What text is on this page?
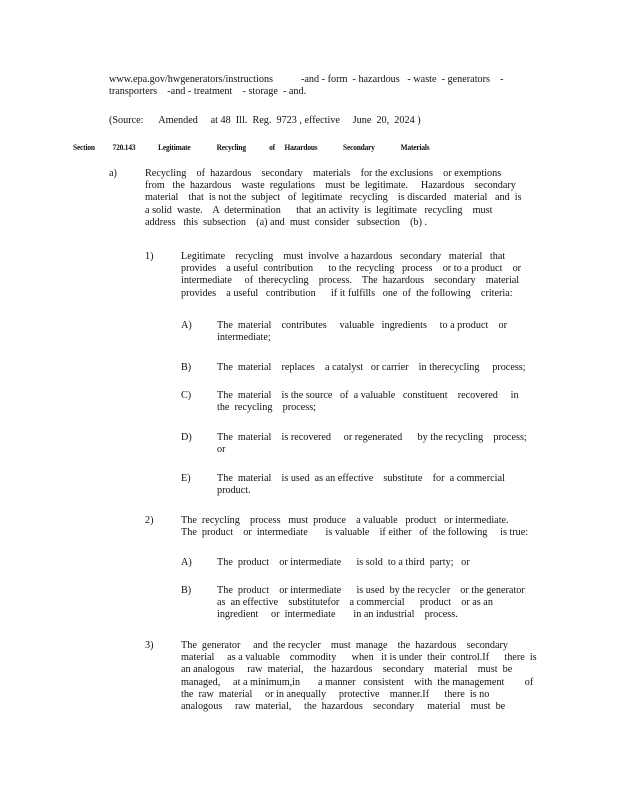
www.epa.gov/hwgenerators/instructions           -and - form  - hazardous   - waste  - generators    -
transporters    -and - treatment    - storage  - and.
(Source:      Amended     at 48  Ill.  Reg.  9723 , effective     June  20,  2024 )
Section 720.143	Legitimate	Recycling	of Hazardous	Secondary	Materials
a)	Recycling    of  hazardous    secondary    materials    for the exclusions    or exemptions
from   the  hazardous    waste  regulations    must  be  legitimate.     Hazardous    secondary
material    that  is not the  subject   of  legitimate   recycling    is discarded   material   and  is
a solid  waste.    A  determination      that  an activity  is  legitimate   recycling    must
address   this  subsection    (a) and  must  consider   subsection    (b) .
1)	Legitimate    recycling    must  involve  a hazardous   secondary   material   that
provides    a useful  contribution      to the  recycling   process    or to a product    or
intermediate     of  therecycling    process.    The  hazardous    secondary    material
provides    a useful   contribution      if it fulfills   one  of  the following    criteria:
A) The  material    contributes     valuable   ingredients     to a product    or
intermediate;
B)	The  material    replaces    a catalyst   or carrier    in therecycling     process;
C)	The  material    is the source   of  a valuable   constituent    recovered     in
the  recycling    process;
D) The  material    is recovered     or regenerated      by the recycling    process;
or
E)	The  material    is used  as an effective    substitute    for  a commercial
product.
2)	The  recycling    process   must  produce    a valuable   product   or intermediate.
The  product    or  intermediate       is valuable    if either   of  the following     is true:
A) The  product    or intermediate      is sold  to a third  party;   or
B)	The  product    or intermediate      is used  by the recycler    or the generator
as  an effective    substitutefor    a commercial      product    or as an
ingredient     or  intermediate       in an industrial    process.
3)	The  generator     and  the recycler    must  manage    the  hazardous    secondary
material     as a valuable    commodity      when   it is under  their  control.If      there  is
an analogous     raw  material,    the  hazardous    secondary    material    must  be
managed,     at a minimum,in       a manner   consistent    with  the management        of
the  raw  material     or in anequally     protective    manner.If      there  is no
analogous     raw  material,     the  hazardous    secondary     material    must  be
